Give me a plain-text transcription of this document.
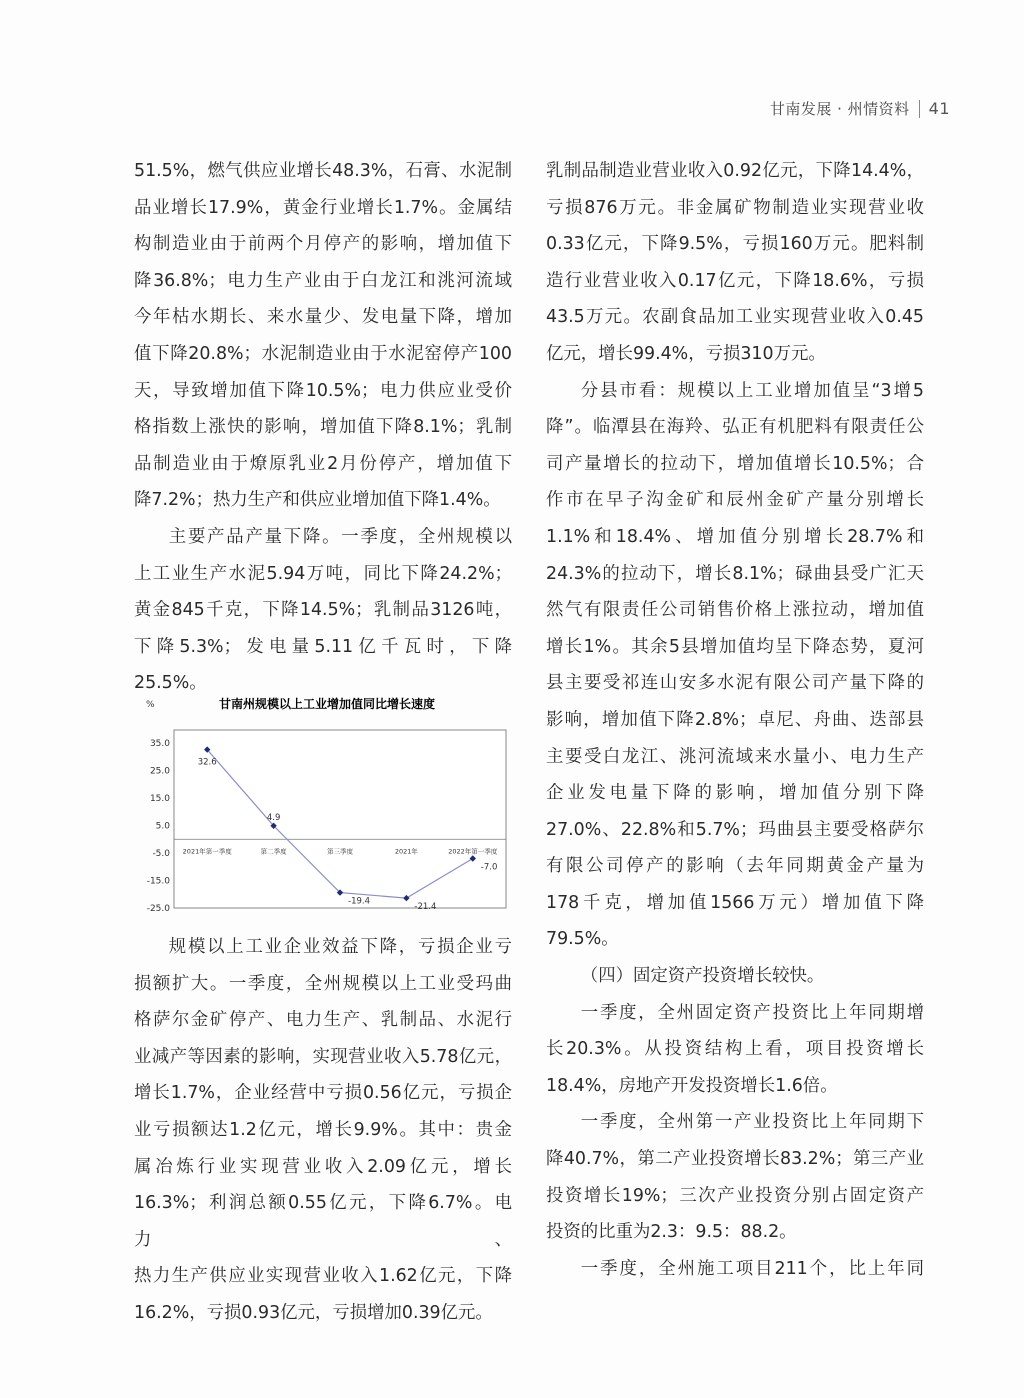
甘南发展 · 州情资料 41

51.5%，燃气供应业增长48.3%，石膏、水泥制

品业增长17.9%，黄金行业增长1.7%。金属结

构制造业由于前两个月停产的影响，增加值下

降36.8%；电力生产业由于白龙江和洮河流域

今年枯水期长、来水量少、发电量下降，增加

值下降20.8%；水泥制造业由于水泥窑停产100

天，导致增加值下降10.5%；电力供应业受价

格指数上涨快的影响，增加值下降8.1%；乳制

品制造业由于燎原乳业2月份停产，增加值下

降7.2%；热力生产和供应业增加值下降1.4%。

主要产品产量下降。一季度，全州规模以

上工业生产水泥5.94万吨，同比下降24.2%；

黄金845千克，下降14.5%；乳制品3126吨，

下降5.3%；发电量5.11亿千瓦时，下降25.5%。

%	甘南州规模以上工业增加值同比增长速度
35.0
25.0
15.0
5.0
-5.0
-15.0
-25.0
2021年第一季度	第二季度	第三季度	2021年	2022年第一季度
32.6
4.9
-19.4
-21.4
-7.0

规模以上工业企业效益下降，亏损企业亏

损额扩大。一季度，全州规模以上工业受玛曲

格萨尔金矿停产、电力生产、乳制品、水泥行

业减产等因素的影响，实现营业收入5.78亿元，

增长1.7%，企业经营中亏损0.56亿元，亏损企

业亏损额达1.2亿元，增长9.9%。其中：贵金

属冶炼行业实现营业收入2.09亿元，增长

16.3%；利润总额0.55亿元，下降6.7%。电力、

热力生产供应业实现营业收入1.62亿元，下降

16.2%，亏损0.93亿元，亏损增加0.39亿元。

乳制品制造业营业收入0.92亿元，下降14.4%，

亏损876万元。非金属矿物制造业实现营业收

0.33亿元，下降9.5%，亏损160万元。肥料制

造行业营业收入0.17亿元，下降18.6%，亏损

43.5万元。农副食品加工业实现营业收入0.45

亿元，增长99.4%，亏损310万元。

分县市看：规模以上工业增加值呈“3增5

降”。临潭县在海羚、弘正有机肥料有限责任公

司产量增长的拉动下，增加值增长10.5%；合

作市在早子沟金矿和辰州金矿产量分别增长

1.1%和18.4%、增加值分别增长28.7%和

24.3%的拉动下，增长8.1%；碌曲县受广汇天

然气有限责任公司销售价格上涨拉动，增加值

增长1%。其余5县增加值均呈下降态势，夏河

县主要受祁连山安多水泥有限公司产量下降的

影响，增加值下降2.8%；卓尼、舟曲、迭部县

主要受白龙江、洮河流域来水量小、电力生产

企业发电量下降的影响，增加值分别下降

27.0%、22.8%和5.7%；玛曲县主要受格萨尔

有限公司停产的影响（去年同期黄金产量为

178千克，增加值1566万元）增加值下降

79.5%。

（四）固定资产投资增长较快。

一季度，全州固定资产投资比上年同期增

长20.3%。从投资结构上看，项目投资增长

18.4%，房地产开发投资增长1.6倍。

一季度，全州第一产业投资比上年同期下

降40.7%，第二产业投资增长83.2%；第三产业

投资增长19%；三次产业投资分别占固定资产

投资的比重为2.3：9.5：88.2。

一季度，全州施工项目211个，比上年同
